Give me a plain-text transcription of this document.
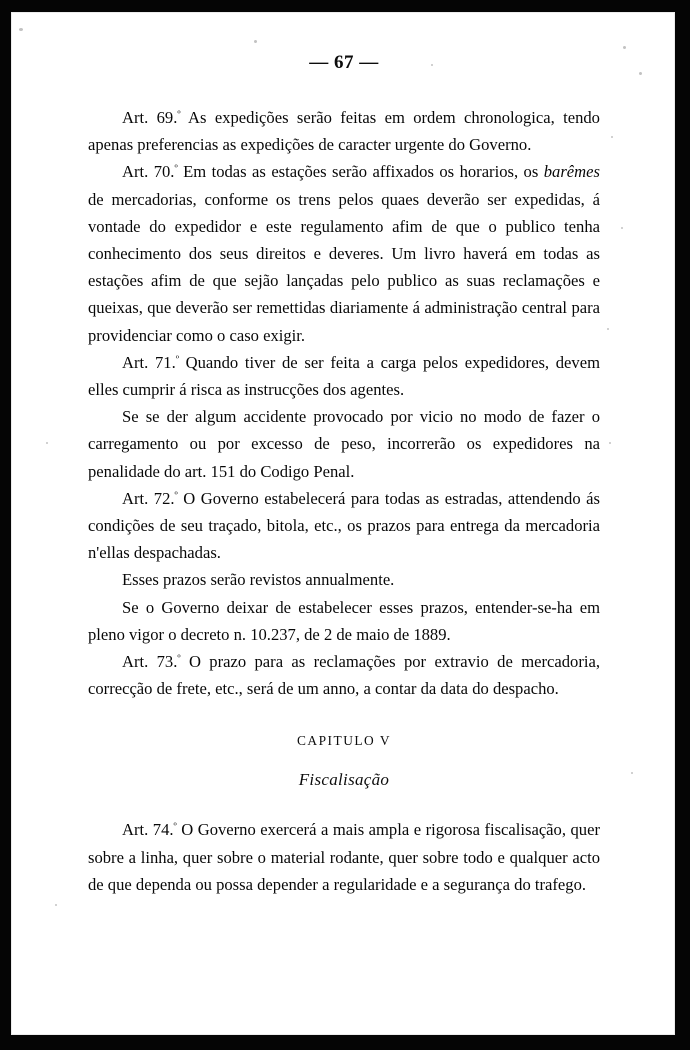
— 67 —

Art. 69.$^º$ As expedições serão feitas em ordem chronologica, tendo apenas preferencias as expedições de caracter urgente do Governo.

Art. 70.$^º$ Em todas as estações serão affixados os horarios, os barêmes de mercadorias, conforme os trens pelos quaes deverão ser expedidas, á vontade do expedidor e este regulamento afim de que o publico tenha conhecimento dos seus direitos e deveres. Um livro haverá em todas as estações afim de que sejão lançadas pelo publico as suas reclamações e queixas, que deverão ser remettidas diariamente á administração central para providenciar como o caso exigir.

Art. 71.$^º$ Quando tiver de ser feita a carga pelos expedidores, devem elles cumprir á risca as instrucções dos agentes.

Se se der algum accidente provocado por vicio no modo de fazer o carregamento ou por excesso de peso, incorrerão os expedidores na penalidade do art. 151 do Codigo Penal.

Art. 72.$^º$ O Governo estabelecerá para todas as estradas, attendendo ás condições de seu traçado, bitola, etc., os prazos para entrega da mercadoria n'ellas despachadas.

Esses prazos serão revistos annualmente.

Se o Governo deixar de estabelecer esses prazos, entender-se-ha em pleno vigor o decreto n. 10.237, de 2 de maio de 1889.

Art. 73.$^º$ O prazo para as reclamações por extravio de mercadoria, correcção de frete, etc., será de um anno, a contar da data do despacho.

CAPITULO V

Fiscalisação

Art. 74.$^º$ O Governo exercerá a mais ampla e rigorosa fiscalisação, quer sobre a linha, quer sobre o material rodante, quer sobre todo e qualquer acto de que dependa ou possa depender a regularidade e a segurança do trafego.
